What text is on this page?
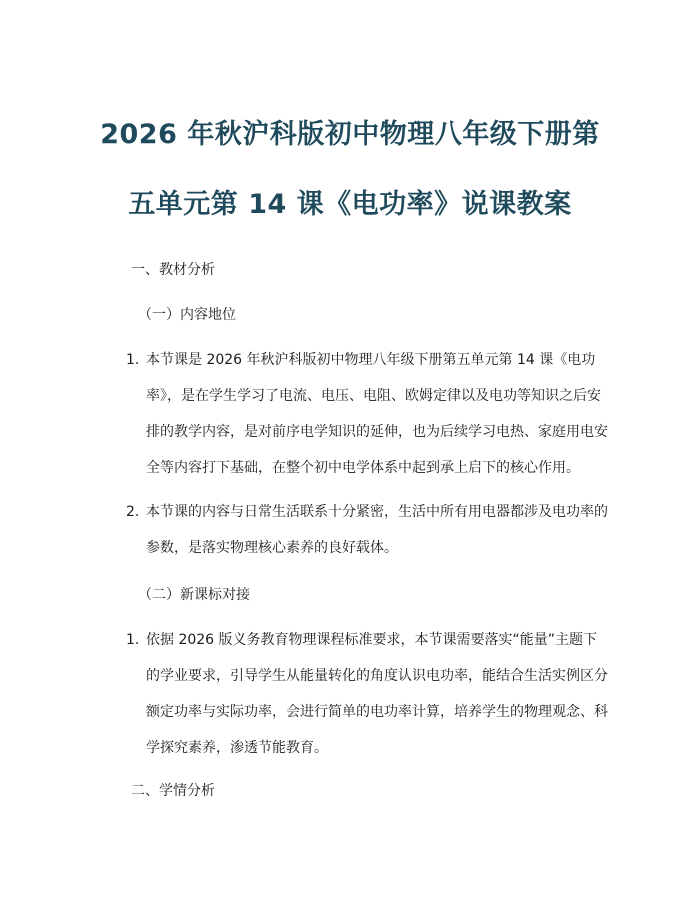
2026 年秋沪科版初中物理八年级下册第
五单元第 14 课《电功率》说课教案
一、教材分析
（一）内容地位
1. 本节课是 2026 年秋沪科版初中物理八年级下册第五单元第 14 课《电功
率》，是在学生学习了电流、电压、电阻、欧姆定律以及电功等知识之后安
排的教学内容，是对前序电学知识的延伸，也为后续学习电热、家庭用电安
全等内容打下基础，在整个初中电学体系中起到承上启下的核心作用。
2. 本节课的内容与日常生活联系十分紧密，生活中所有用电器都涉及电功率的
参数，是落实物理核心素养的良好载体。
（二）新课标对接
1. 依据 2026 版义务教育物理课程标准要求，本节课需要落实“能量”主题下
的学业要求，引导学生从能量转化的角度认识电功率，能结合生活实例区分
额定功率与实际功率，会进行简单的电功率计算，培养学生的物理观念、科
学探究素养，渗透节能教育。
二、学情分析
